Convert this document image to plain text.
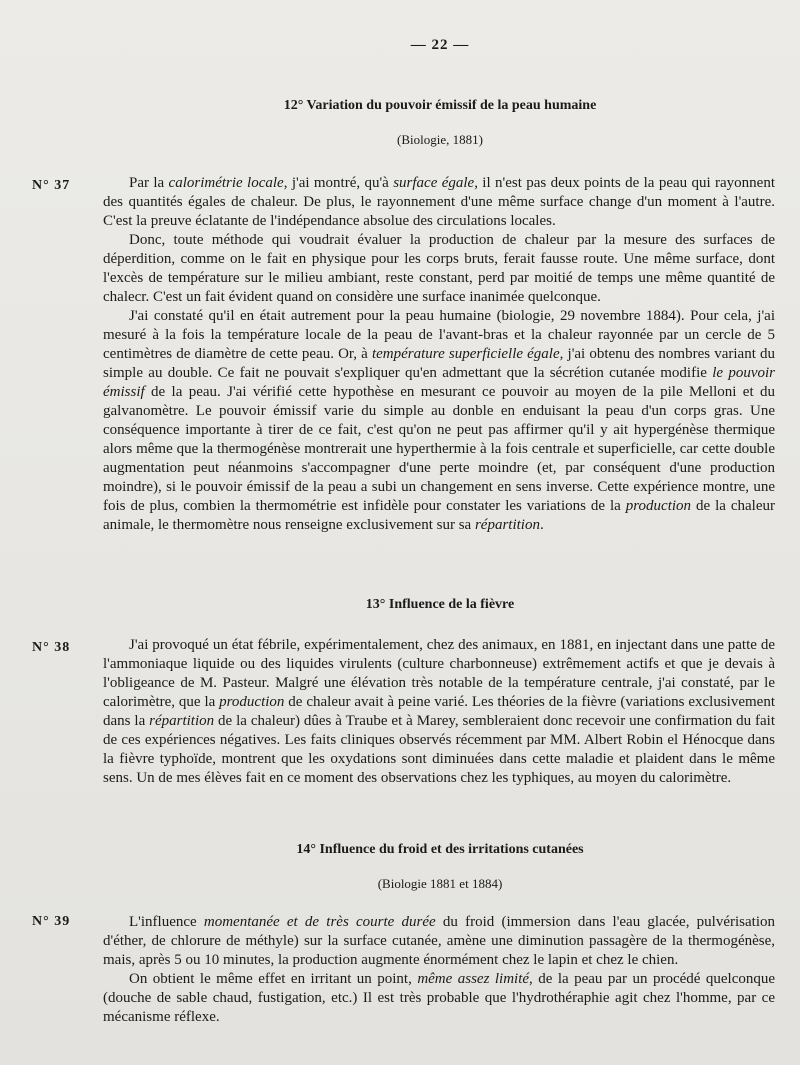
— 22 —
12° Variation du pouvoir émissif de la peau humaine
(Biologie, 1881)
N° 37	Par la calorimétrie locale, j'ai montré, qu'à surface égale, il n'est pas deux points de la peau qui rayonnent des quantités égales de chaleur. De plus, le rayonnement d'une même surface change d'un moment à l'autre. C'est la preuve éclatante de l'indépendance absolue des circulations locales.

Donc, toute méthode qui voudrait évaluer la production de chaleur par la mesure des surfaces de déperdition, comme on le fait en physique pour les corps bruts, ferait fausse route. Une même surface, dont l'excès de température sur le milieu ambiant, reste constant, perd par moitié de temps une même quantité de chalecr. C'est un fait évident quand on considère une surface inanimée quelconque.

J'ai constaté qu'il en était autrement pour la peau humaine (biologie, 29 novembre 1884). Pour cela, j'ai mesuré à la fois la température locale de la peau de l'avant-bras et la chaleur rayonnée par un cercle de 5 centimètres de diamètre de cette peau. Or, à température superficielle égale, j'ai obtenu des nombres variant du simple au double. Ce fait ne pouvait s'expliquer qu'en admettant que la sécrétion cutanée modifie le pouvoir émissif de la peau. J'ai vérifié cette hypothèse en mesurant ce pouvoir au moyen de la pile Melloni et du galvanomètre. Le pouvoir émissif varie du simple au donble en enduisant la peau d'un corps gras. Une conséquence importante à tirer de ce fait, c'est qu'on ne peut pas affirmer qu'il y ait hypergénèse thermique alors même que la thermogénèse montrerait une hyperthermie à la fois centrale et superficielle, car cette double augmentation peut néanmoins s'accompagner d'une perte moindre (et, par conséquent d'une production moindre), si le pouvoir émissif de la peau a subi un changement en sens inverse. Cette expérience montre, une fois de plus, combien la thermométrie est infidèle pour constater les variations de la production de la chaleur animale, le thermomètre nous renseigne exclusivement sur sa répartition.

13° Influence de la fièvre
N° 38	J'ai provoqué un état fébrile, expérimentalement, chez des animaux, en 1881, en injectant dans une patte de l'ammoniaque liquide ou des liquides virulents (culture charbonneuse) extrêmement actifs et que je devais à l'obligeance de M. Pasteur. Malgré une élévation très notable de la température centrale, j'ai constaté, par le calorimètre, que la production de chaleur avait à peine varié. Les théories de la fièvre (variations exclusivement dans la répartition de la chaleur) dûes à Traube et à Marey, sembleraient donc recevoir une confirmation du fait de ces expériences négatives. Les faits cliniques observés récemment par MM. Albert Robin el Hénocque dans la fièvre typhoïde, montrent que les oxydations sont diminuées dans cette maladie et plaident dans le même sens. Un de mes élèves fait en ce moment des observations chez les typhiques, au moyen du calorimètre.

14° Influence du froid et des irritations cutanées
(Biologie 1881 et 1884)
N° 39	L'influence momentanée et de très courte durée du froid (immersion dans l'eau glacée, pulvérisation d'éther, de chlorure de méthyle) sur la surface cutanée, amène une diminution passagère de la thermogénèse, mais, après 5 ou 10 minutes, la production augmente énormément chez le lapin et chez le chien.

On obtient le même effet en irritant un point, même assez limité, de la peau par un procédé quelconque (douche de sable chaud, fustigation, etc.) Il est très probable que l'hydrothéraphie agit chez l'homme, par ce mécanisme réflexe.
